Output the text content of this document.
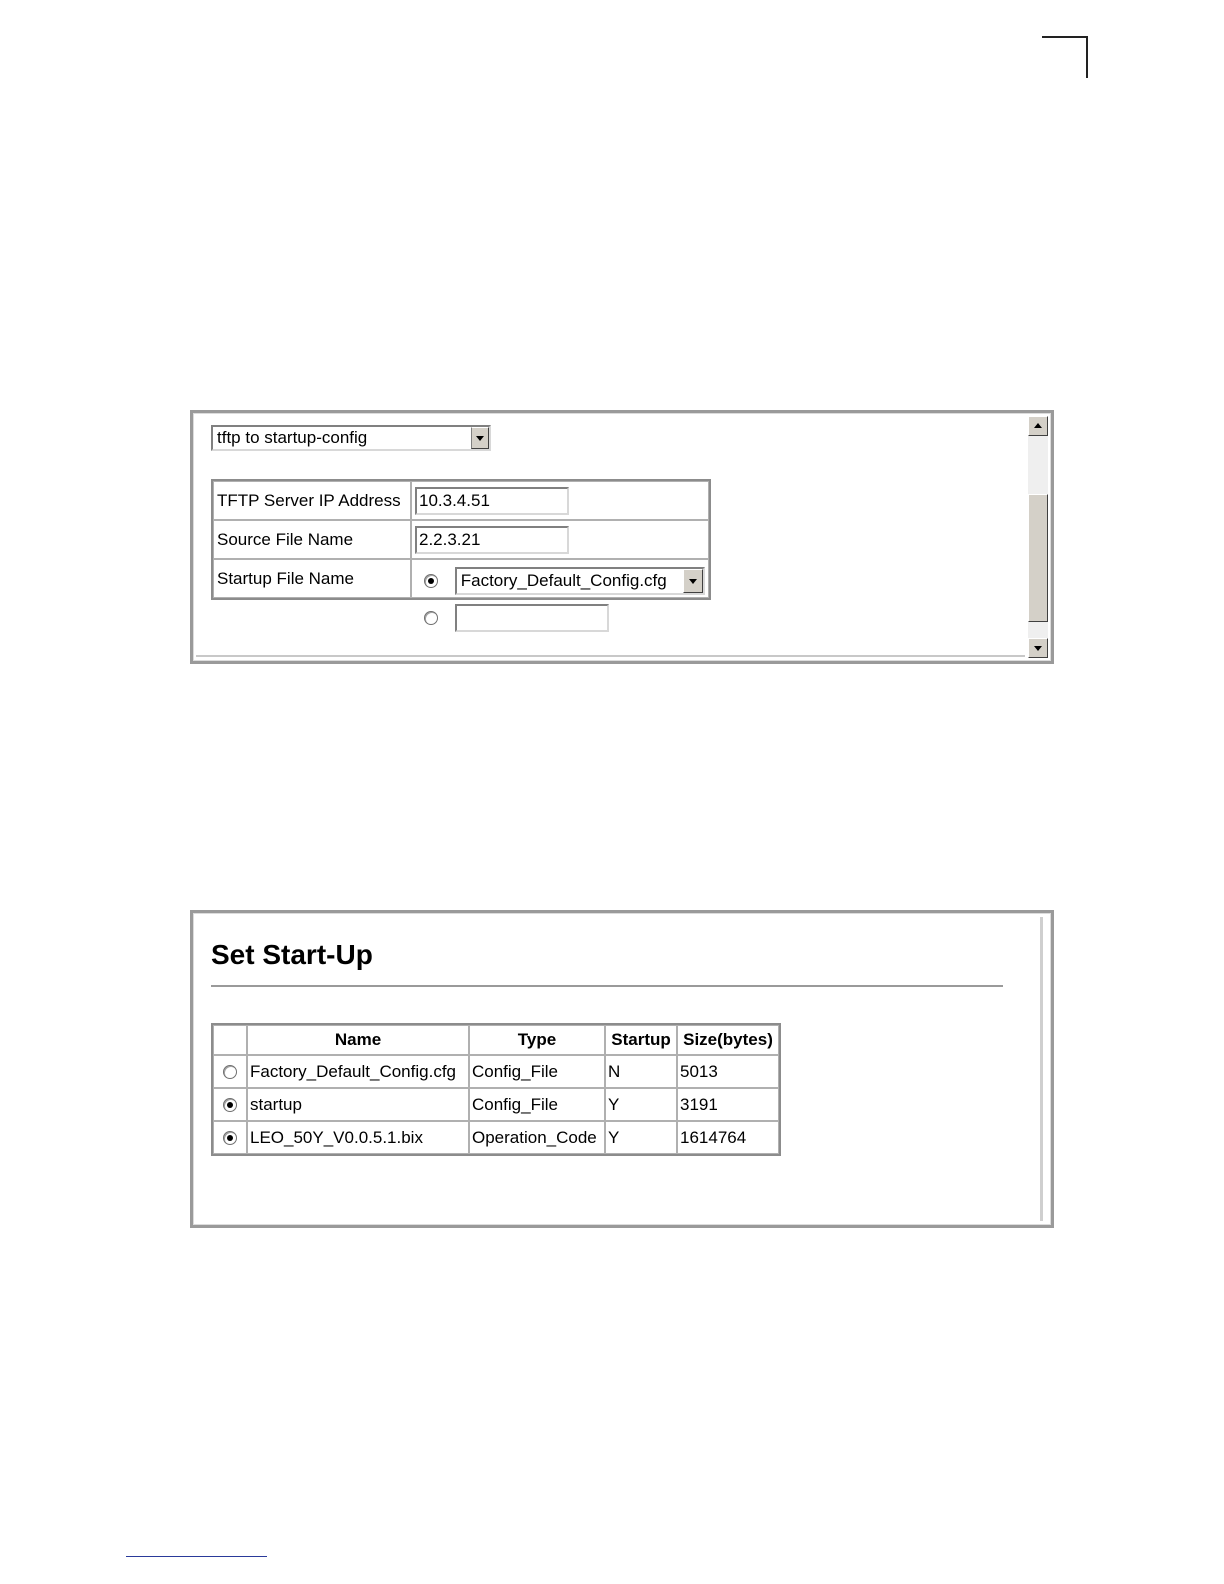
tftp to startup-config
TFTP Server IP Address	10.3.4.51
Source File Name	2.2.3.21
Startup File Name	Factory_Default_Config.cfg

Set Start-Up
	Name	Type	Startup	Size(bytes)
	Factory_Default_Config.cfg	Config_File	N	5013
	startup	Config_File	Y	3191
	LEO_50Y_V0.0.5.1.bix	Operation_Code	Y	1614764
